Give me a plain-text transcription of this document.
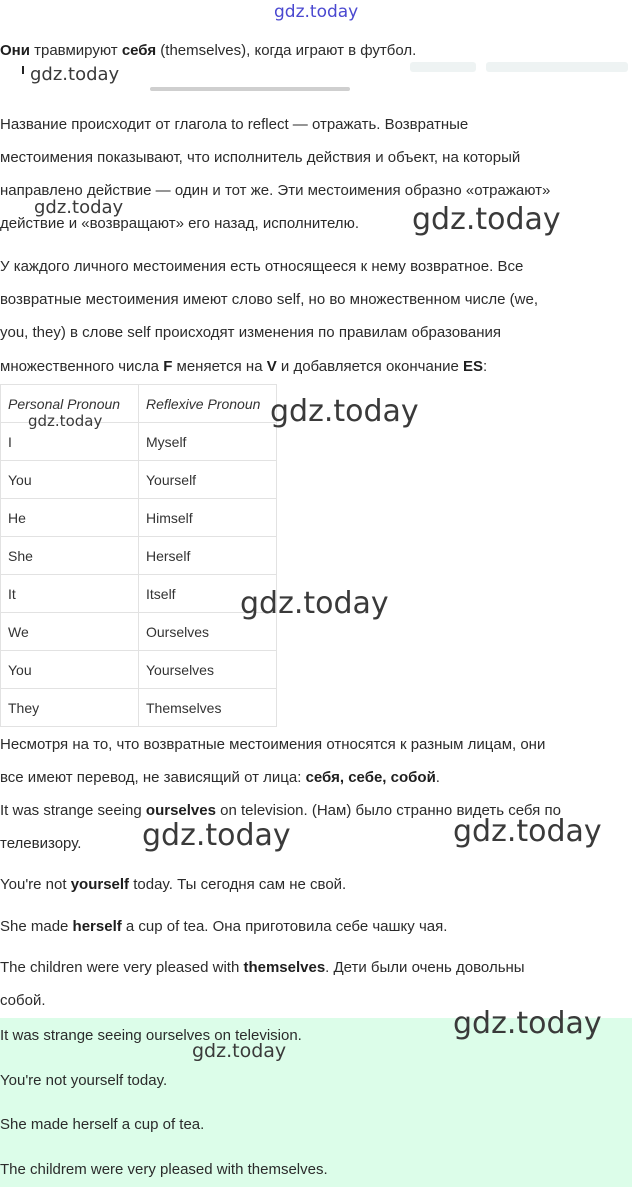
gdz.today
Они травмируют себя (themselves), когда играют в футбол.
gdz.today
Название происходит от глагола to reflect — отражать. Возвратные
местоимения показывают, что исполнитель действия и объект, на который
направлено действие — один и тот же. Эти местоимения образно «отражают»
действие и «возвращают» его назад, исполнителю.
gdz.today	gdz.today
У каждого личного местоимения есть относящееся к нему возвратное. Все
возвратные местоимения имеют слово self, но во множественном числе (we,
you, they) в слове self происходят изменения по правилам образования
множественного числа F меняется на V и добавляется окончание ES:
Personal Pronoun	Reflexive Pronoun
I	Myself
You	Yourself
He	Himself
She	Herself
It	Itself
We	Ourselves
You	Yourselves
They	Themselves
gdz.today	gdz.today
gdz.today
Несмотря на то, что возвратные местоимения относятся к разным лицам, они
все имеют перевод, не зависящий от лица: себя, себе, собой.
It was strange seeing ourselves on television. (Нам) было странно видеть себя по
телевизору.	gdz.today	gdz.today
You're not yourself today. Ты сегодня сам не свой.
She made herself a cup of tea. Она приготовила себе чашку чая.
The children were very pleased with themselves. Дети были очень довольны
собой.
It was strange seeing ourselves on television.
You're not yourself today.
She made herself a cup of tea.
The childrem were very pleased with themselves.
gdz.today
gdz.today
